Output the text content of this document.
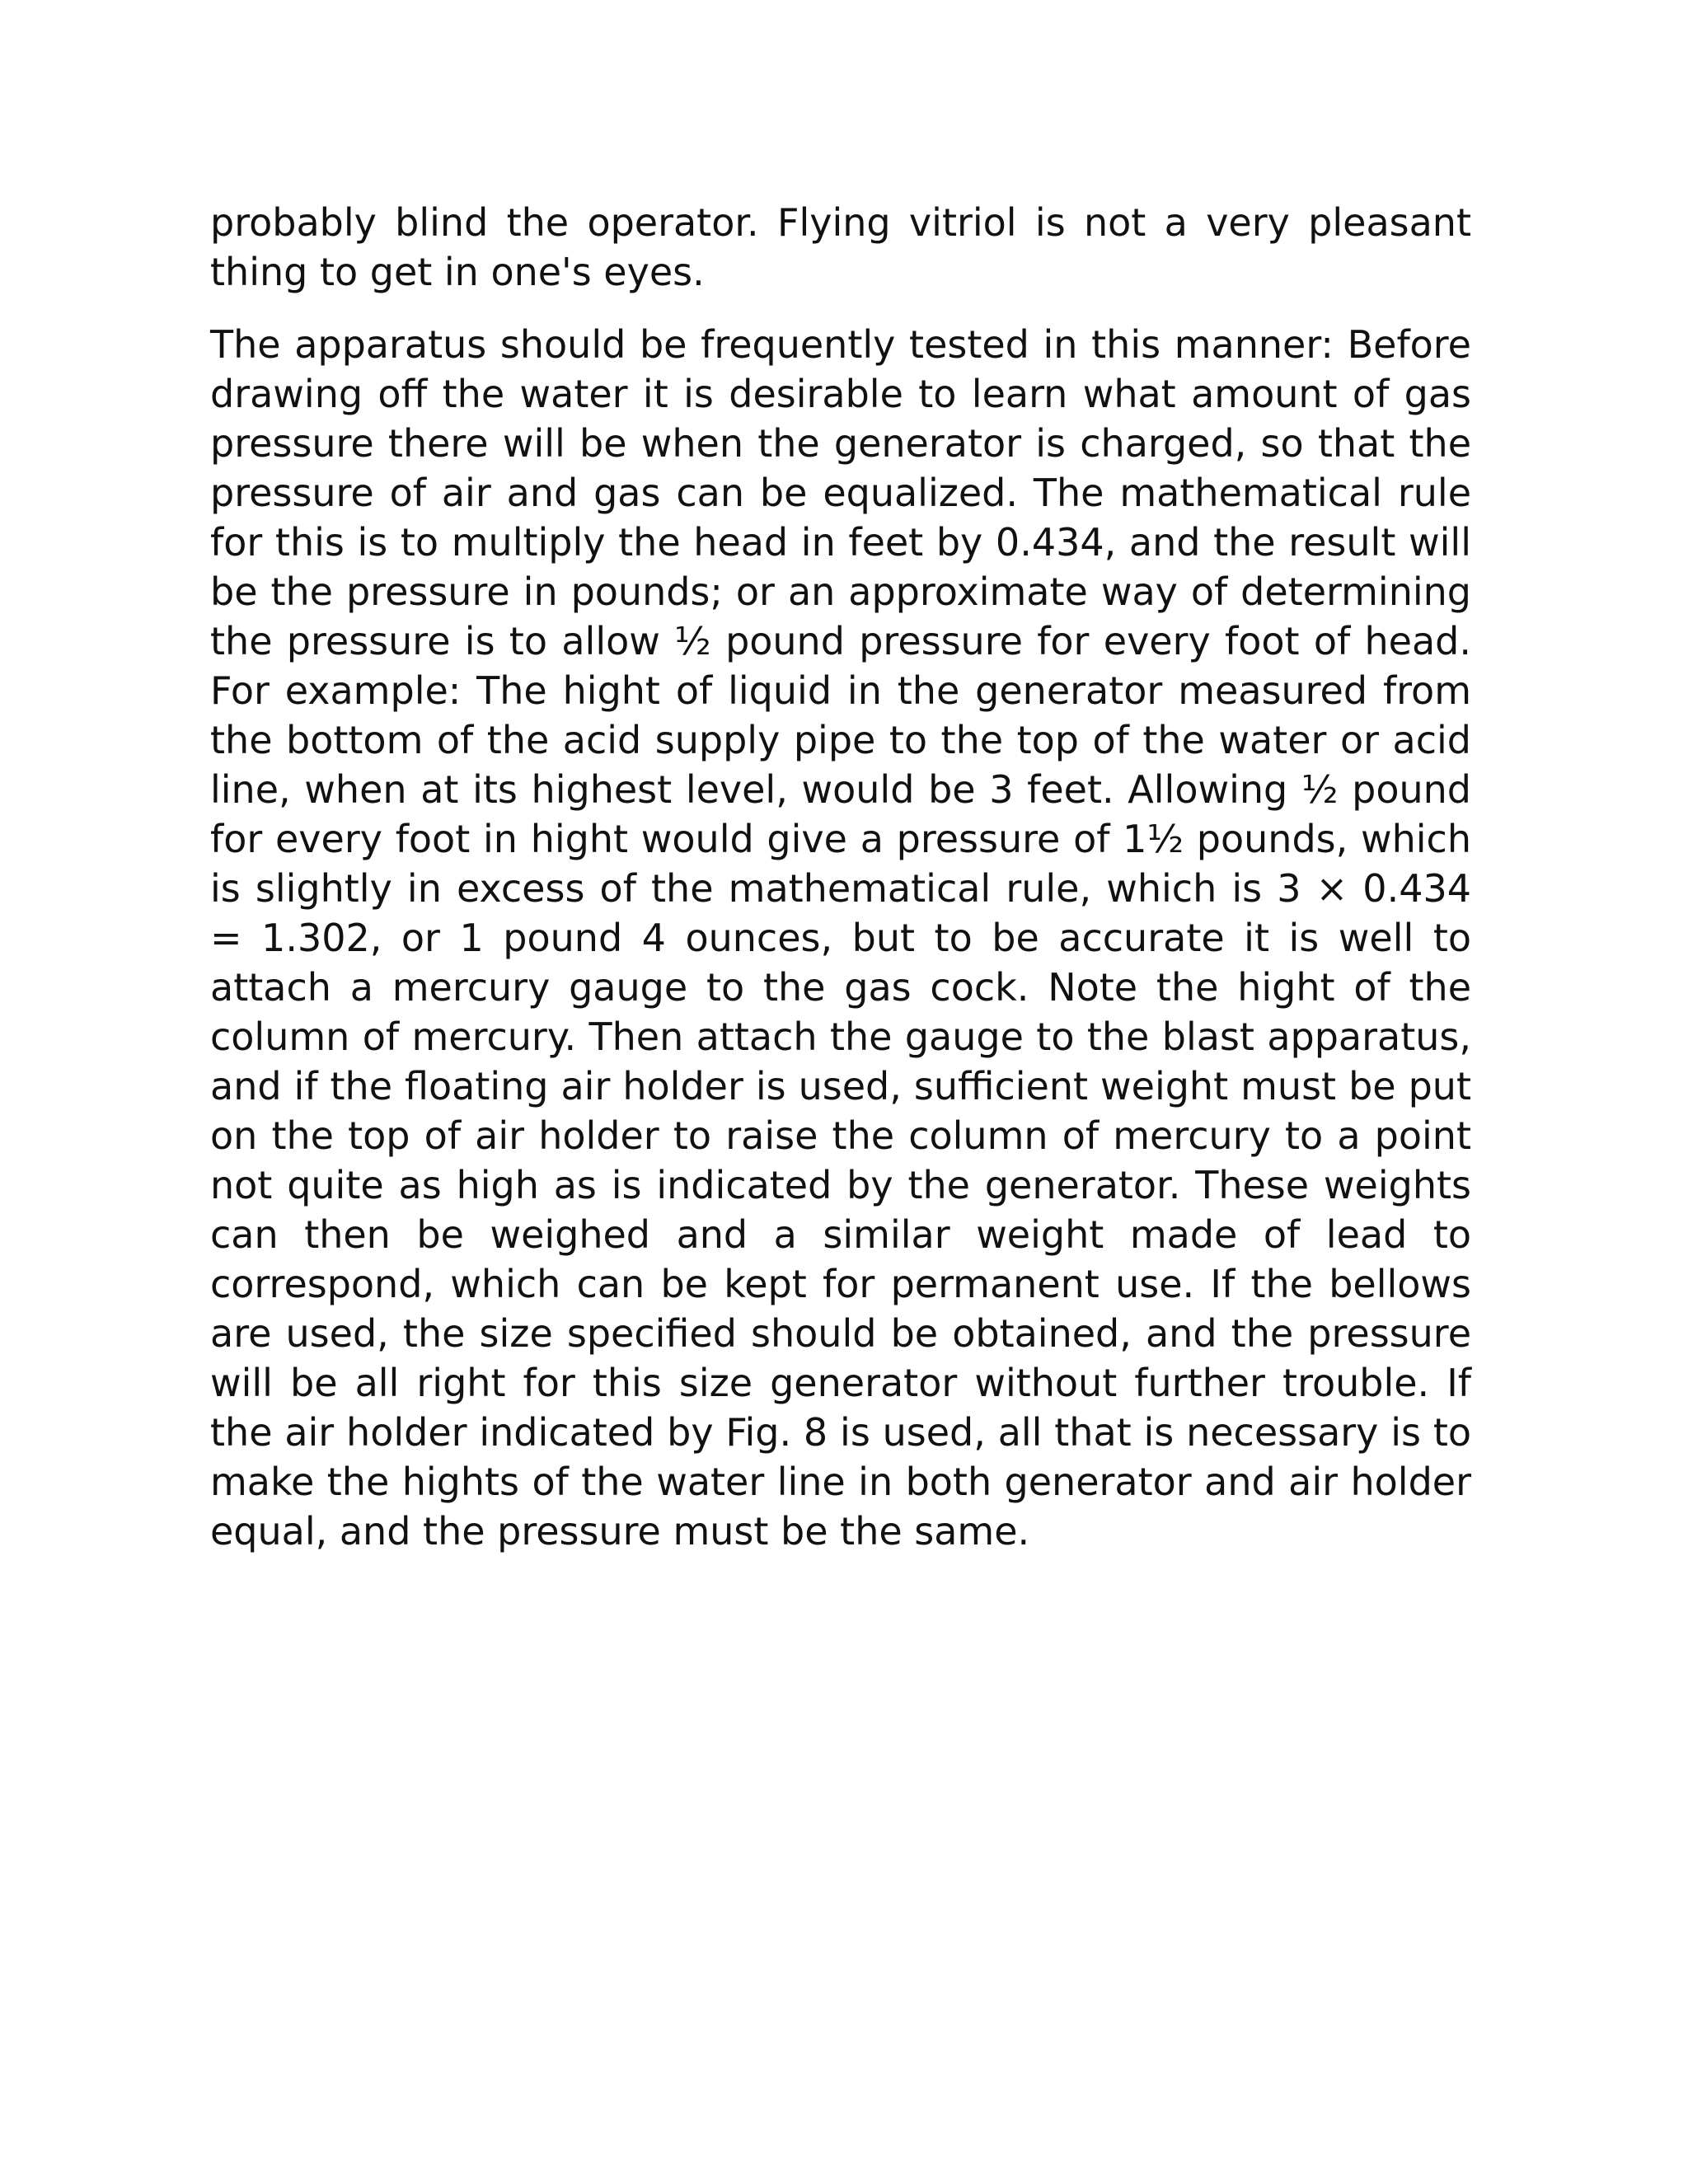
probably blind the operator. Flying vitriol is not a very pleasant thing to get in one's eyes.

The apparatus should be frequently tested in this manner: Before drawing off the water it is desirable to learn what amount of gas pressure there will be when the generator is charged, so that the pressure of air and gas can be equalized. The mathematical rule for this is to multiply the head in feet by 0.434, and the result will be the pressure in pounds; or an approximate way of determining the pressure is to allow ½ pound pressure for every foot of head. For example: The hight of liquid in the generator measured from the bottom of the acid supply pipe to the top of the water or acid line, when at its highest level, would be 3 feet. Allowing ½ pound for every foot in hight would give a pressure of 1½ pounds, which is slightly in excess of the mathematical rule, which is 3 × 0.434 = 1.302, or 1 pound 4 ounces, but to be accurate it is well to attach a mercury gauge to the gas cock. Note the hight of the column of mercury. Then attach the gauge to the blast apparatus, and if the floating air holder is used, sufficient weight must be put on the top of air holder to raise the column of mercury to a point not quite as high as is indicated by the generator. These weights can then be weighed and a similar weight made of lead to correspond, which can be kept for permanent use. If the bellows are used, the size specified should be obtained, and the pressure will be all right for this size generator without further trouble. If the air holder indicated by Fig. 8 is used, all that is necessary is to make the hights of the water line in both generator and air holder equal, and the pressure must be the same.
